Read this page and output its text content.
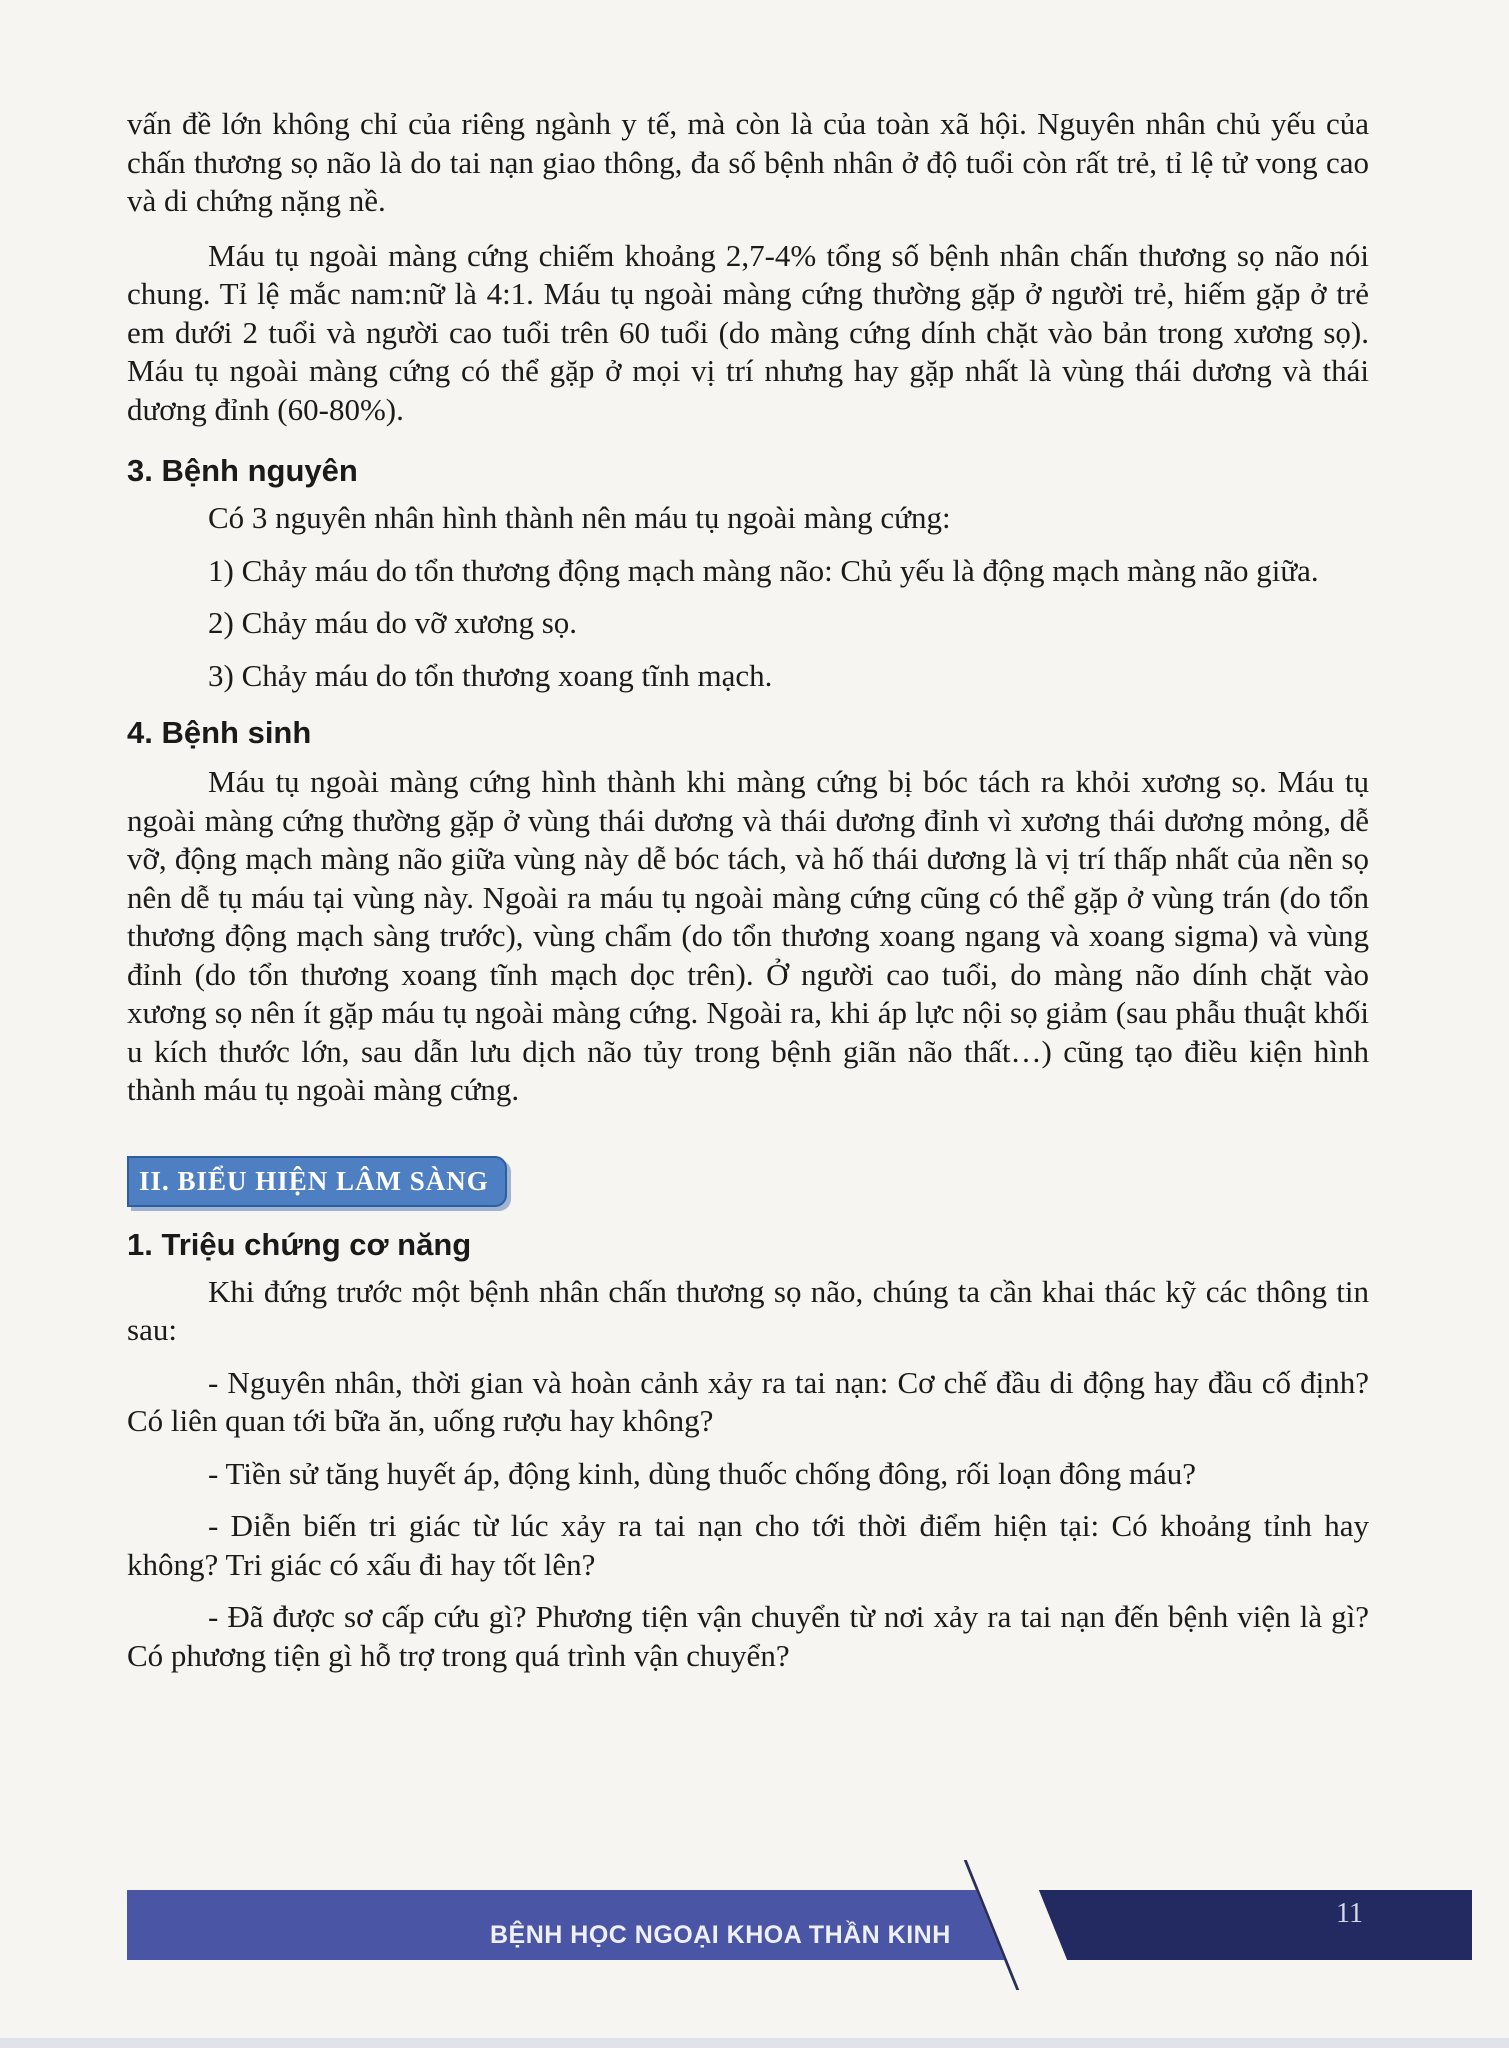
vấn đề lớn không chỉ của riêng ngành y tế, mà còn là của toàn xã hội. Nguyên nhân chủ yếu của chấn thương sọ não là do tai nạn giao thông, đa số bệnh nhân ở độ tuổi còn rất trẻ, tỉ lệ tử vong cao và di chứng nặng nề.

Máu tụ ngoài màng cứng chiếm khoảng 2,7-4% tổng số bệnh nhân chấn thương sọ não nói chung. Tỉ lệ mắc nam:nữ là 4:1. Máu tụ ngoài màng cứng thường gặp ở người trẻ, hiếm gặp ở trẻ em dưới 2 tuổi và người cao tuổi trên 60 tuổi (do màng cứng dính chặt vào bản trong xương sọ). Máu tụ ngoài màng cứng có thể gặp ở mọi vị trí nhưng hay gặp nhất là vùng thái dương và thái dương đỉnh (60-80%).

3. Bệnh nguyên

Có 3 nguyên nhân hình thành nên máu tụ ngoài màng cứng:

1) Chảy máu do tổn thương động mạch màng não: Chủ yếu là động mạch màng não giữa.

2) Chảy máu do vỡ xương sọ.

3) Chảy máu do tổn thương xoang tĩnh mạch.

4. Bệnh sinh

Máu tụ ngoài màng cứng hình thành khi màng cứng bị bóc tách ra khỏi xương sọ. Máu tụ ngoài màng cứng thường gặp ở vùng thái dương và thái dương đỉnh vì xương thái dương mỏng, dễ vỡ, động mạch màng não giữa vùng này dễ bóc tách, và hố thái dương là vị trí thấp nhất của nền sọ nên dễ tụ máu tại vùng này. Ngoài ra máu tụ ngoài màng cứng cũng có thể gặp ở vùng trán (do tổn thương động mạch sàng trước), vùng chẩm (do tổn thương xoang ngang và xoang sigma) và vùng đỉnh (do tổn thương xoang tĩnh mạch dọc trên). Ở người cao tuổi, do màng não dính chặt vào xương sọ nên ít gặp máu tụ ngoài màng cứng. Ngoài ra, khi áp lực nội sọ giảm (sau phẫu thuật khối u kích thước lớn, sau dẫn lưu dịch não tủy trong bệnh giãn não thất…) cũng tạo điều kiện hình thành máu tụ ngoài màng cứng.

II. BIỂU HIỆN LÂM SÀNG
1. Triệu chứng cơ năng

Khi đứng trước một bệnh nhân chấn thương sọ não, chúng ta cần khai thác kỹ các thông tin sau:

- Nguyên nhân, thời gian và hoàn cảnh xảy ra tai nạn: Cơ chế đầu di động hay đầu cố định? Có liên quan tới bữa ăn, uống rượu hay không?

- Tiền sử tăng huyết áp, động kinh, dùng thuốc chống đông, rối loạn đông máu?

- Diễn biến tri giác từ lúc xảy ra tai nạn cho tới thời điểm hiện tại: Có khoảng tỉnh hay không? Tri giác có xấu đi hay tốt lên?

- Đã được sơ cấp cứu gì? Phương tiện vận chuyển từ nơi xảy ra tai nạn đến bệnh viện là gì? Có phương tiện gì hỗ trợ trong quá trình vận chuyển?

BỆNH HỌC NGOẠI KHOA THẦN KINH
11
